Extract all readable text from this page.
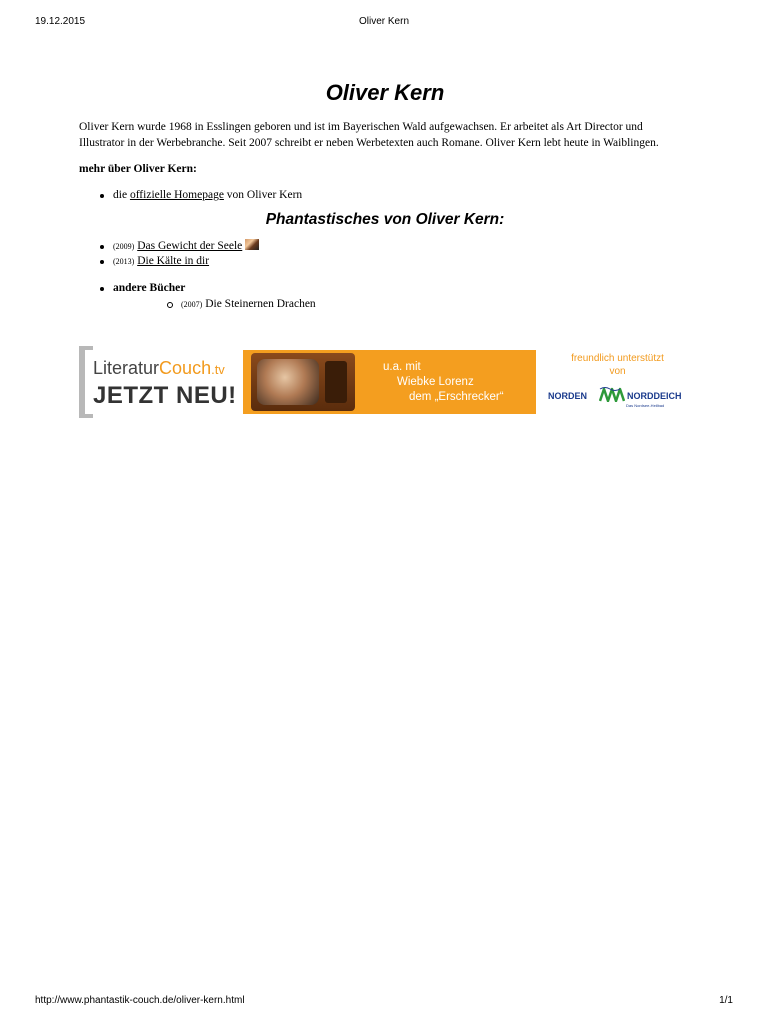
19.12.2015	Oliver Kern
Oliver Kern

Oliver Kern wurde 1968 in Esslingen geboren und ist im Bayerischen Wald aufgewachsen. Er arbeitet als Art Director und Illustrator in der Werbebranche. Seit 2007 schreibt er neben Werbetexten auch Romane. Oliver Kern lebt heute in Waiblingen.

mehr über Oliver Kern:

die offizielle Homepage von Oliver Kern
Phantastisches von Oliver Kern:
(2009) Das Gewicht der Seele
(2013) Die Kälte in dir
andere Bücher
(2007) Die Steinernen Drachen
LiteraturCouch.tv
JETZT NEU!
u.a. mit
Wiebke Lorenz
dem „Erschrecker“
freundlich unterstützt
von
NORDEN	NORDDEICH
Das Nordsee-Heilbad
http://www.phantastik-couch.de/oliver-kern.html	1/1
